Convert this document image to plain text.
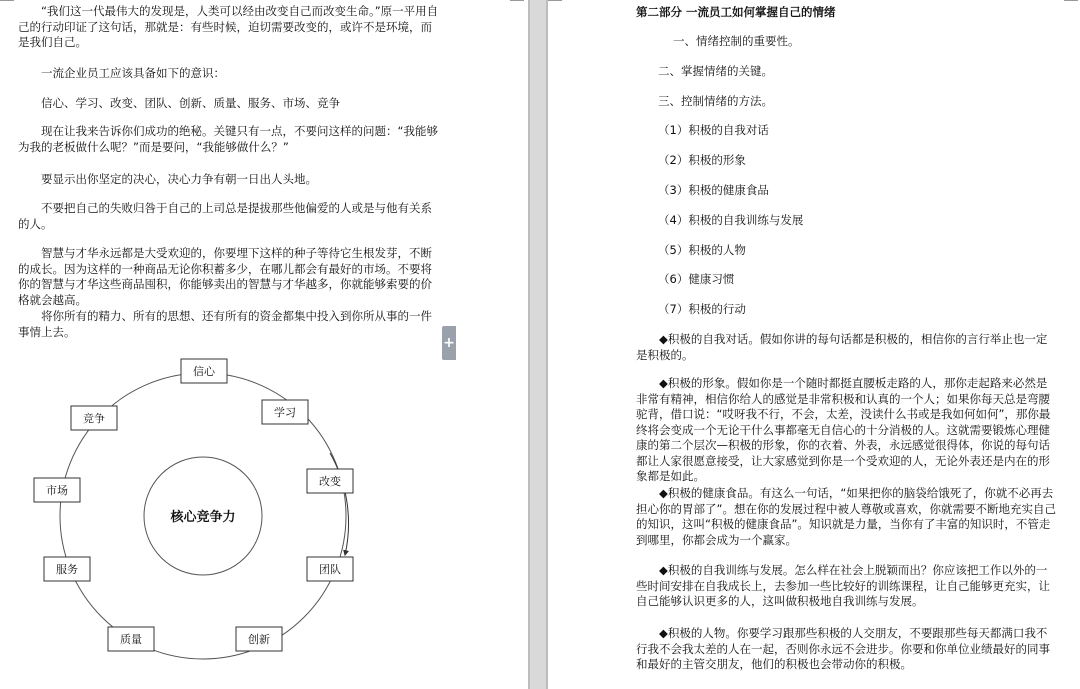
“我们这一代最伟大的发现是，人类可以经由改变自己而改变生命。”原一平用自己的行动印证了这句话，那就是：有些时候，迫切需要改变的，或许不是环境，而是我们自己。

一流企业员工应该具备如下的意识：

信心、学习、改变、团队、创新、质量、服务、市场、竞争

现在让我来告诉你们成功的绝秘。关键只有一点，不要问这样的问题：“我能够为我的老板做什么呢？”而是要问，“我能够做什么？”

要显示出你坚定的决心，决心力争有朝一日出人头地。

不要把自己的失败归咎于自己的上司总是提拔那些他偏爱的人或是与他有关系的人。

智慧与才华永远都是大受欢迎的，你要埋下这样的种子等待它生根发芽，不断的成长。因为这样的一种商品无论你积蓄多少，在哪儿都会有最好的市场。不要将你的智慧与才华这些商品囤积，你能够卖出的智慧与才华越多，你就能够索要的价格就会越高。

将你所有的精力、所有的思想、还有所有的资金都集中投入到你所从事的一件事情上去。

核心竞争力
信心
学习
改变
团队
创新
质量
服务
市场
竞争
+

第二部分 一流员工如何掌握自己的情绪

一、情绪控制的重要性。

二、掌握情绪的关键。

三、控制情绪的方法。

（1）积极的自我对话

（2）积极的形象

（3）积极的健康食品

（4）积极的自我训练与发展

（5）积极的人物

（6）健康习惯

（7）积极的行动

◆积极的自我对话。假如你讲的每句话都是积极的，相信你的言行举止也一定是积极的。

◆积极的形象。假如你是一个随时都挺直腰板走路的人，那你走起路来必然是非常有精神，相信你给人的感觉是非常积极和认真的一个人；如果你每天总是弯腰驼背，借口说：“哎呀我不行，不会，太差，没读什么书或是我如何如何”，那你最终将会变成一个无论干什么事都毫无自信心的十分消极的人。这就需要锻炼心理健康的第二个层次—积极的形象，你的衣着、外表，永远感觉很得体，你说的每句话都让人家很愿意接受，让大家感觉到你是一个受欢迎的人，无论外表还是内在的形象都是如此。

◆积极的健康食品。有这么一句话，“如果把你的脑袋给饿死了，你就不必再去担心你的胃部了”。想在你的发展过程中被人尊敬或喜欢，你就需要不断地充实自己的知识，这叫“积极的健康食品”。知识就是力量，当你有了丰富的知识时，不管走到哪里，你都会成为一个赢家。

◆积极的自我训练与发展。怎么样在社会上脱颖而出？你应该把工作以外的一些时间安排在自我成长上，去参加一些比较好的训练课程，让自己能够更充实，让自己能够认识更多的人，这叫做积极地自我训练与发展。

◆积极的人物。你要学习跟那些积极的人交朋友，不要跟那些每天都满口我不行我不会我太差的人在一起，否则你永远不会进步。你要和你单位业绩最好的同事和最好的主管交朋友，他们的积极也会带动你的积极。
